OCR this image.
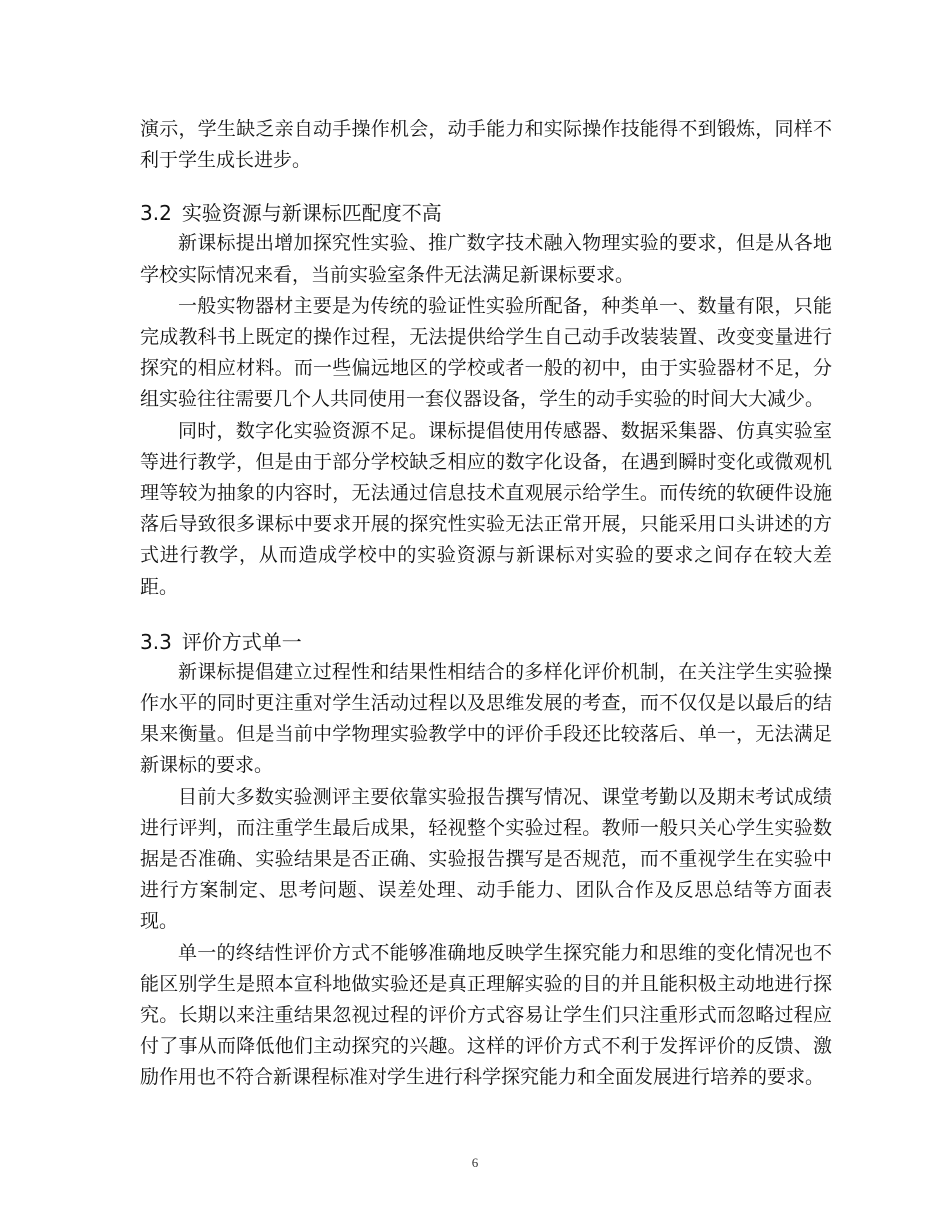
演示，学生缺乏亲自动手操作机会，动手能力和实际操作技能得不到锻炼，同样不利于学生成长进步。

3.2 实验资源与新课标匹配度不高

新课标提出增加探究性实验、推广数字技术融入物理实验的要求，但是从各地学校实际情况来看，当前实验室条件无法满足新课标要求。

一般实物器材主要是为传统的验证性实验所配备，种类单一、数量有限，只能完成教科书上既定的操作过程，无法提供给学生自己动手改装装置、改变变量进行探究的相应材料。而一些偏远地区的学校或者一般的初中，由于实验器材不足，分组实验往往需要几个人共同使用一套仪器设备，学生的动手实验的时间大大减少。

同时，数字化实验资源不足。课标提倡使用传感器、数据采集器、仿真实验室等进行教学，但是由于部分学校缺乏相应的数字化设备，在遇到瞬时变化或微观机理等较为抽象的内容时，无法通过信息技术直观展示给学生。而传统的软硬件设施落后导致很多课标中要求开展的探究性实验无法正常开展，只能采用口头讲述的方式进行教学，从而造成学校中的实验资源与新课标对实验的要求之间存在较大差距。

3.3 评价方式单一

新课标提倡建立过程性和结果性相结合的多样化评价机制，在关注学生实验操作水平的同时更注重对学生活动过程以及思维发展的考查，而不仅仅是以最后的结果来衡量。但是当前中学物理实验教学中的评价手段还比较落后、单一，无法满足新课标的要求。

目前大多数实验测评主要依靠实验报告撰写情况、课堂考勤以及期末考试成绩进行评判，而注重学生最后成果，轻视整个实验过程。教师一般只关心学生实验数据是否准确、实验结果是否正确、实验报告撰写是否规范，而不重视学生在实验中进行方案制定、思考问题、误差处理、动手能力、团队合作及反思总结等方面表现。

单一的终结性评价方式不能够准确地反映学生探究能力和思维的变化情况也不能区别学生是照本宣科地做实验还是真正理解实验的目的并且能积极主动地进行探究。长期以来注重结果忽视过程的评价方式容易让学生们只注重形式而忽略过程应付了事从而降低他们主动探究的兴趣。这样的评价方式不利于发挥评价的反馈、激励作用也不符合新课程标准对学生进行科学探究能力和全面发展进行培养的要求。

6
